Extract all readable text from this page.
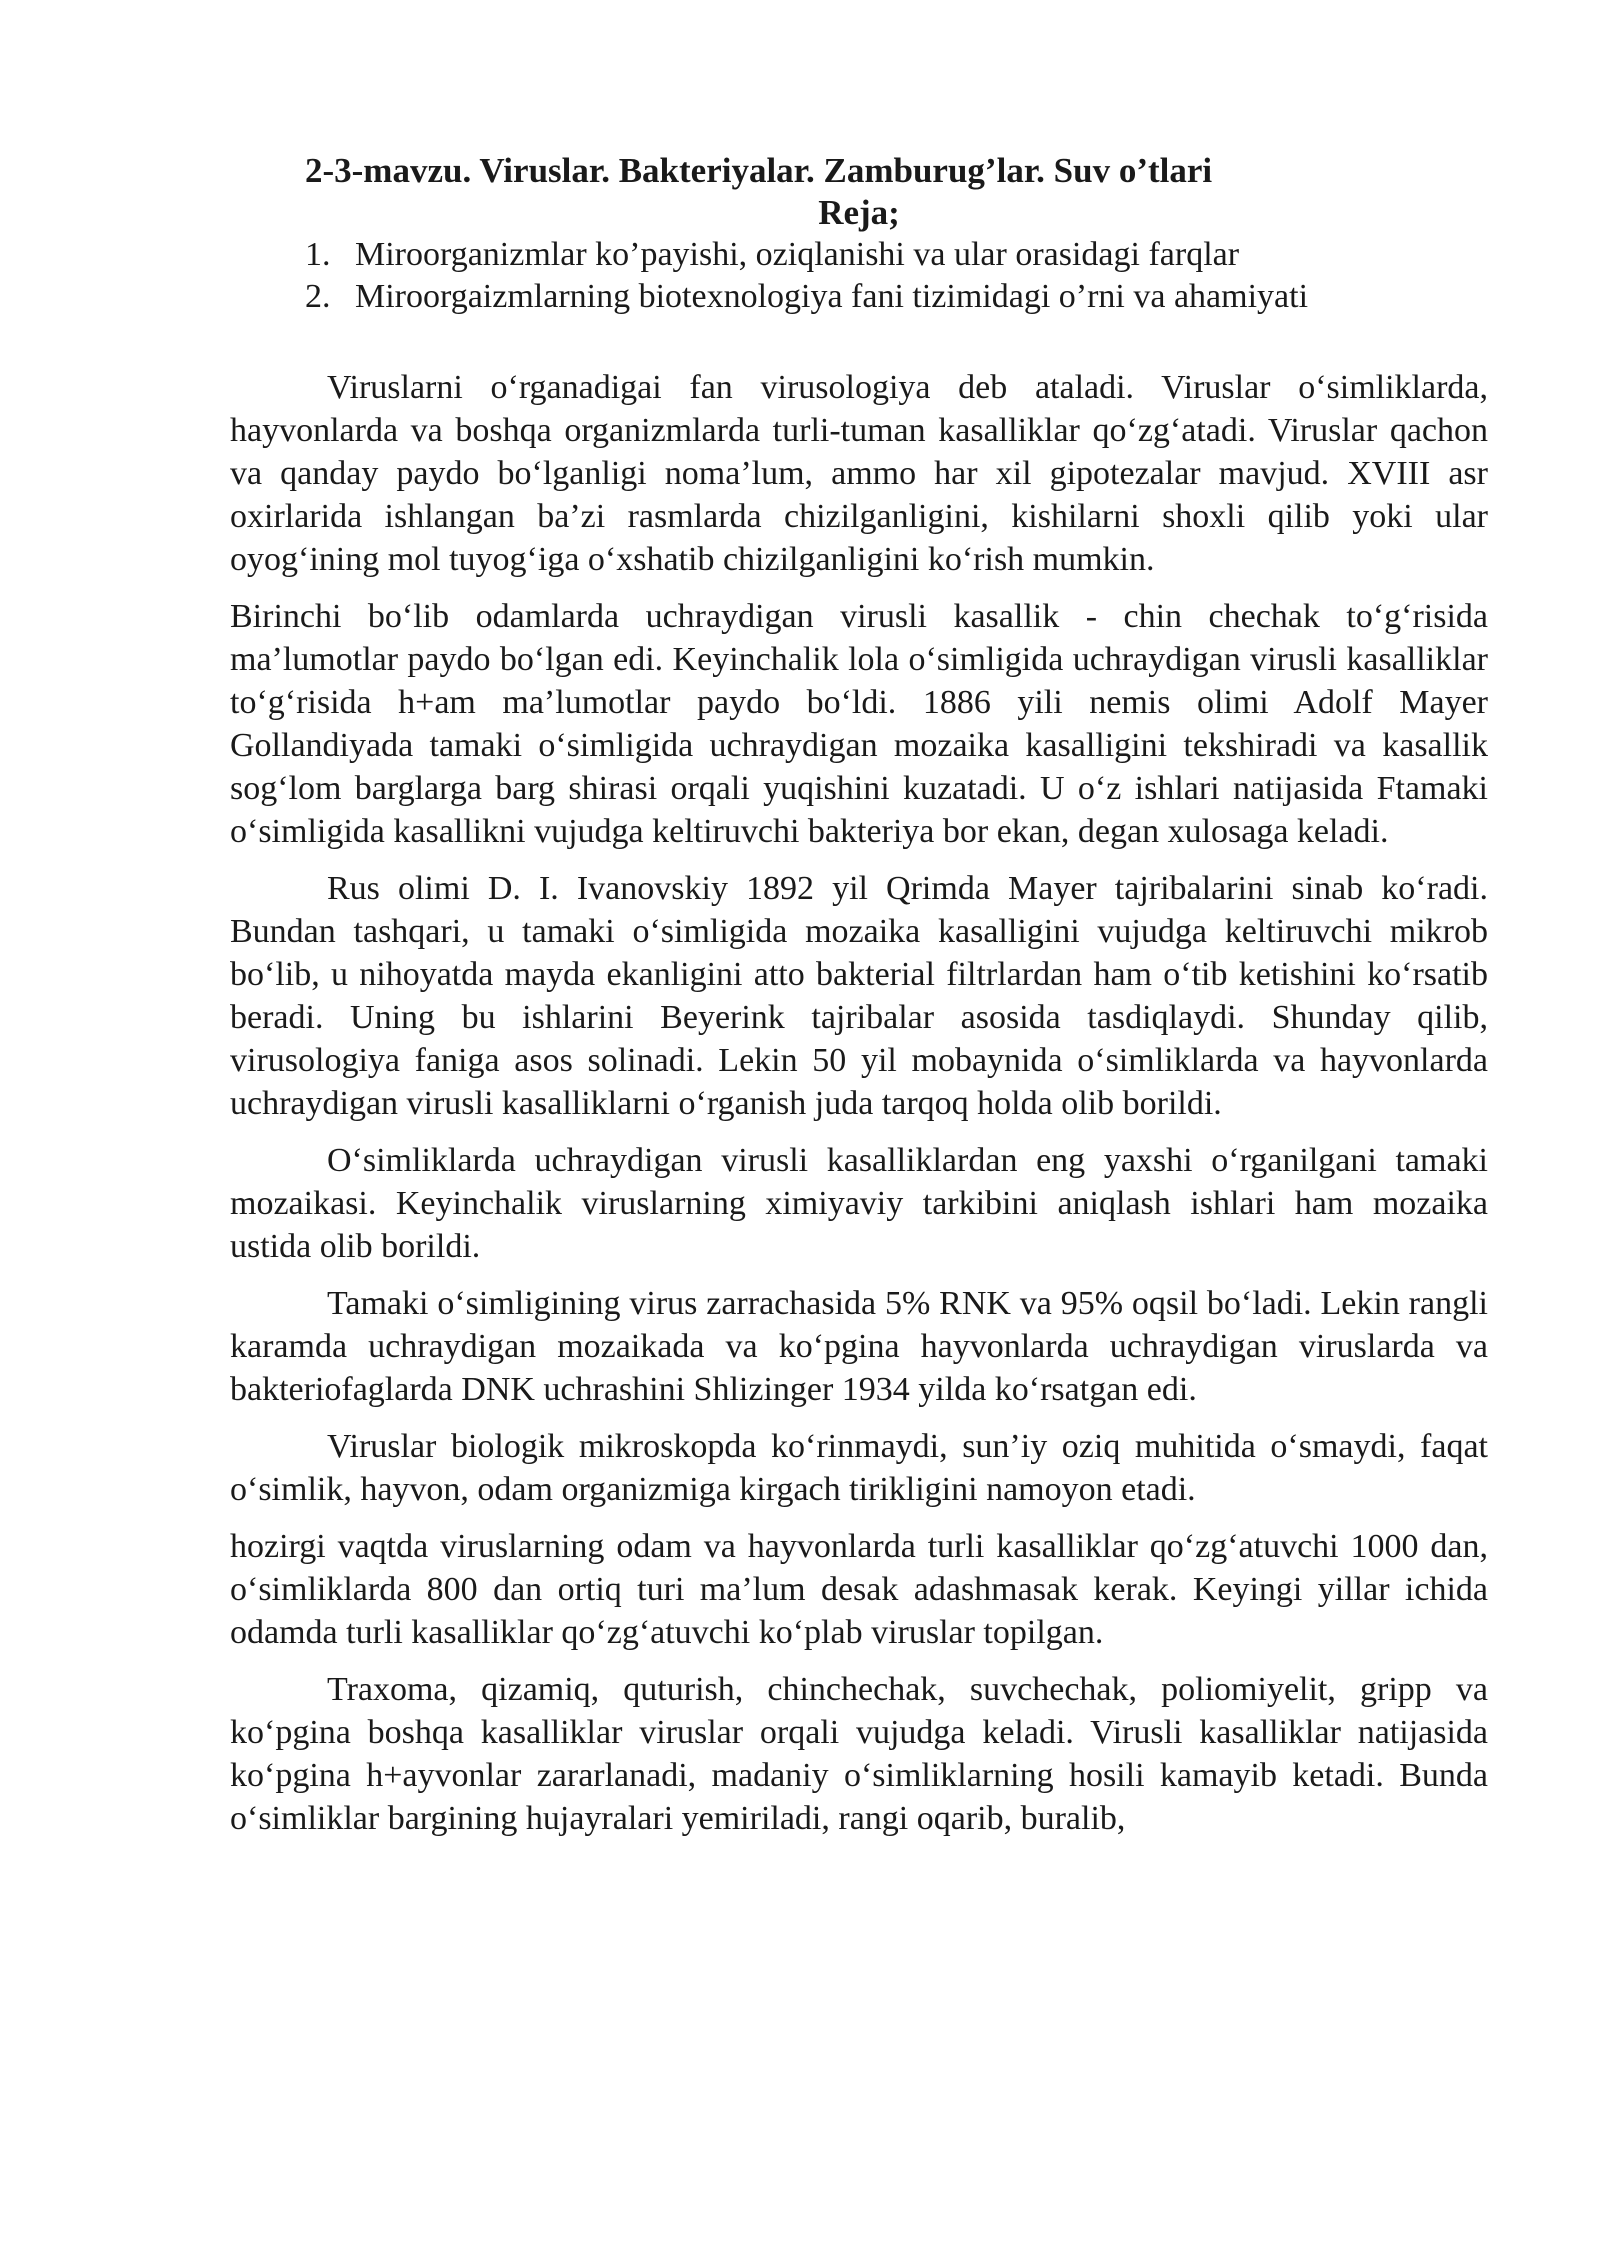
2-3-mavzu. Viruslar. Bakteriyalar. Zamburug’lar. Suv o’tlari
Reja;
1. Miroorganizmlar ko’payishi, oziqlanishi va ular orasidagi farqlar
2. Miroorgaizmlarning biotexnologiya fani tizimidagi o’rni va ahamiyati

Viruslarni o‘rganadigai fan virusologiya deb ataladi. Viruslar o‘simliklarda, hayvonlarda va boshqa organizmlarda turli-tuman kasalliklar qo‘zg‘atadi. Viruslar qachon va qanday paydo bo‘lganligi noma’lum, ammo har xil gipotezalar mavjud. XVIII asr oxirlarida ishlangan ba’zi rasmlarda chizilganligini, kishilarni shoxli qilib yoki ular oyog‘ining mol tuyog‘iga o‘xshatib chizilganligini ko‘rish mumkin.

Birinchi bo‘lib odamlarda uchraydigan virusli kasallik - chin chechak to‘g‘risida ma’lumotlar paydo bo‘lgan edi. Keyinchalik lola o‘simligida uchraydigan virusli kasalliklar to‘g‘risida h+am ma’lumotlar paydo bo‘ldi. 1886 yili nemis olimi Adolf Mayer Gollandiyada tamaki o‘simligida uchraydigan mozaika kasalligini tekshiradi va kasallik sog‘lom barglarga barg shirasi orqali yuqishini kuzatadi. U o‘z ishlari natijasida Ftamaki o‘simligida kasallikni vujudga keltiruvchi bakteriya bor ekan, degan xulosaga keladi.

Rus olimi D. I. Ivanovskiy 1892 yil Qrimda Mayer tajribalarini sinab ko‘radi. Bundan tashqari, u tamaki o‘simligida mozaika kasalligini vujudga keltiruvchi mikrob bo‘lib, u nihoyatda mayda ekanligini atto bakterial filtrlardan ham o‘tib ketishini ko‘rsatib beradi. Uning bu ishlarini Beyerink tajribalar asosida tasdiqlaydi. Shunday qilib, virusologiya faniga asos solinadi. Lekin 50 yil mobaynida o‘simliklarda va hayvonlarda uchraydigan virusli kasalliklarni o‘rganish juda tarqoq holda olib borildi.

O‘simliklarda uchraydigan virusli kasalliklardan eng yaxshi o‘rganilgani tamaki mozaikasi. Keyinchalik viruslarning ximiyaviy tarkibini aniqlash ishlari ham mozaika ustida olib borildi.

Tamaki o‘simligining virus zarrachasida 5% RNK va 95% oqsil bo‘ladi. Lekin rangli karamda uchraydigan mozaikada va ko‘pgina hayvonlarda uchraydigan viruslarda va bakteriofaglarda DNK uchrashini Shlizinger 1934 yilda ko‘rsatgan edi.

Viruslar biologik mikroskopda ko‘rinmaydi, sun’iy oziq muhitida o‘smaydi, faqat o‘simlik, hayvon, odam organizmiga kirgach tirikligini namoyon etadi.

hozirgi vaqtda viruslarning odam va hayvonlarda turli kasalliklar qo‘zg‘atuvchi 1000 dan, o‘simliklarda 800 dan ortiq turi ma’lum desak adashmasak kerak. Keyingi yillar ichida odamda turli kasalliklar qo‘zg‘atuvchi ko‘plab viruslar topilgan.

Traxoma, qizamiq, quturish, chinchechak, suvchechak, poliomiyelit, gripp va ko‘pgina boshqa kasalliklar viruslar orqali vujudga keladi. Virusli kasalliklar natijasida ko‘pgina h+ayvonlar zararlanadi, madaniy o‘simliklarning hosili kamayib ketadi. Bunda o‘simliklar bargining hujayralari yemiriladi, rangi oqarib, buralib,
